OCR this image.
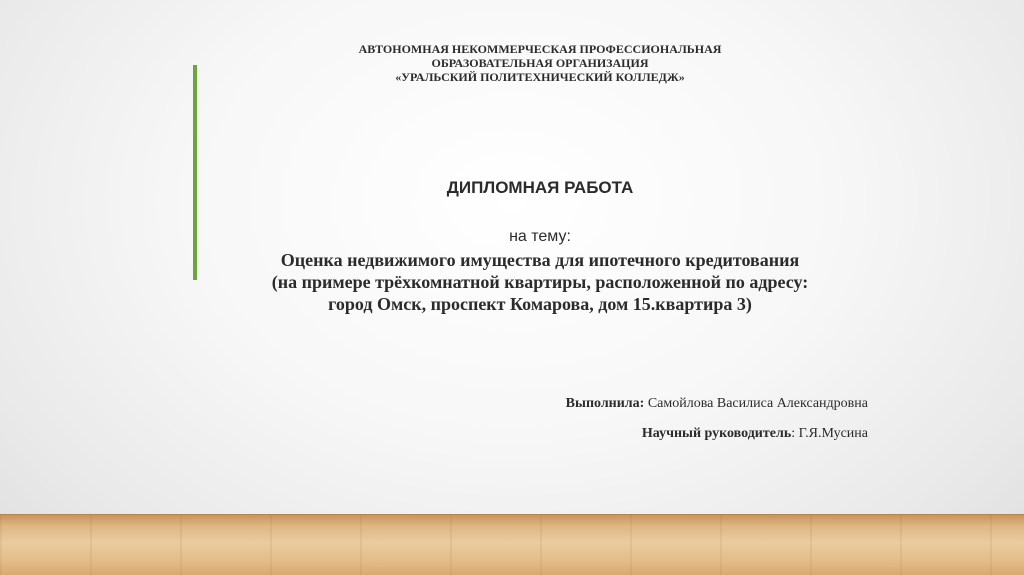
АВТОНОМНАЯ НЕКОММЕРЧЕСКАЯ ПРОФЕССИОНАЛЬНАЯ
ОБРАЗОВАТЕЛЬНАЯ ОРГАНИЗАЦИЯ
«УРАЛЬСКИЙ ПОЛИТЕХНИЧЕСКИЙ КОЛЛЕДЖ»
ДИПЛОМНАЯ РАБОТА
на тему:
Оценка недвижимого имущества для ипотечного кредитования
(на примере трёхкомнатной квартиры, расположенной по адресу:
город Омск, проспект Комарова, дом 15.квартира 3)
Выполнила: Самойлова Василиса Александровна
Научный руководитель: Г.Я.Мусина
